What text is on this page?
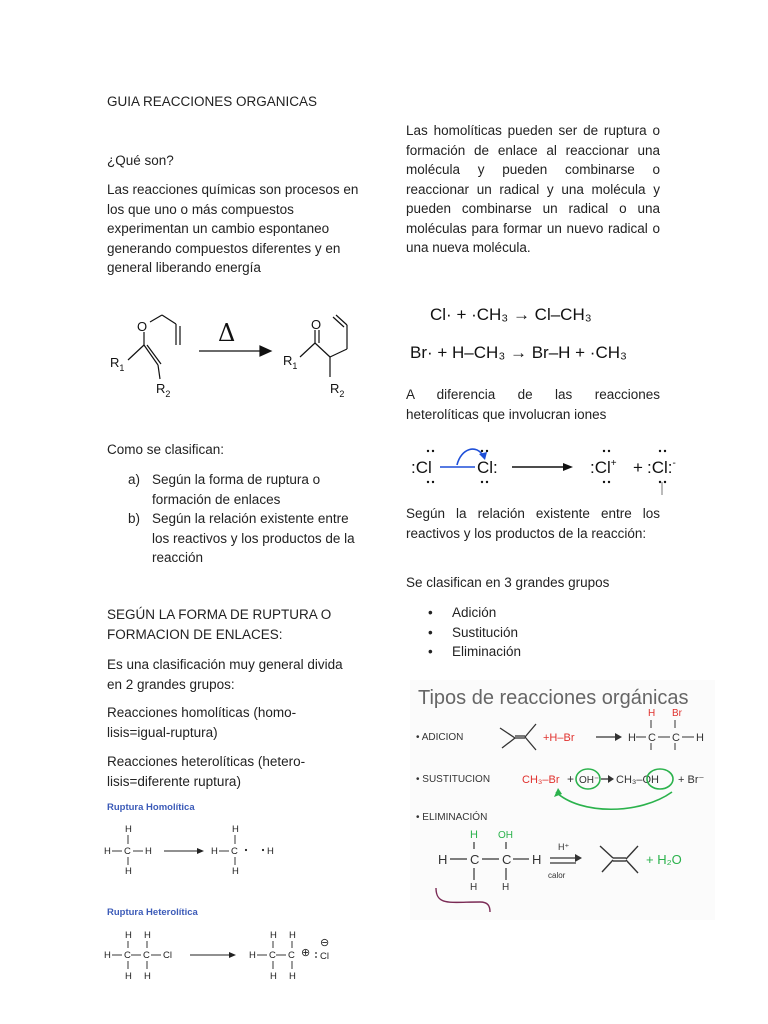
GUIA REACCIONES ORGANICAS
¿Qué son?
Las reacciones químicas son procesos en los que uno o más compuestos experimentan un cambio espontaneo generando compuestos diferentes y en general liberando energía
O
$R_1$
$R_2$
Δ	O
$R_1$
$R_2$
Como se clasifican:
a) Según la forma de ruptura o formación de enlaces
b) Según la relación existente entre los reactivos y los productos de la reacción
SEGÚN LA FORMA DE RUPTURA O FORMACION DE ENLACES:
Es una clasificación muy general divida en 2 grandes grupos:
Reacciones homolíticas (homo-lisis=igual-ruptura)
Reacciones heterolíticas (hetero-lisis=diferente ruptura)
Ruptura Homolítica
H
H C H
H
H
H C
H
H
Ruptura Heterolítica
H H
H C C Cl
H H
H H
H C C
H H
⊕ Cl
⊖
Las homolíticas pueden ser de ruptura o formación de enlace al reaccionar una molécula y pueden combinarse o reaccionar un radical y una molécula y pueden combinarse un radical o una moléculas para formar un nuevo radical o una nueva molécula.
Cl· + ·CH₃ → Cl–CH₃
Br· + H–CH₃ → Br–H + ·CH₃
A diferencia de las reacciones heterolíticas que involucran iones
:Cl	Cl:	:Cl+ + :Cl:-
Según la relación existente entre los reactivos y los productos de la reacción:
Se clasifican en 3 grandes grupos
• Adición
• Sustitución
• Eliminación
Tipos de reacciones orgánicas
• ADICION	+H–Br	H C C H
H Br
• SUSTITUCION	CH₃–Br + OH⁻ CH₃–OH + Br⁻
• ELIMINACIÓN
H C C H
H H
H OH
H⁺
calor
+ H₂O
